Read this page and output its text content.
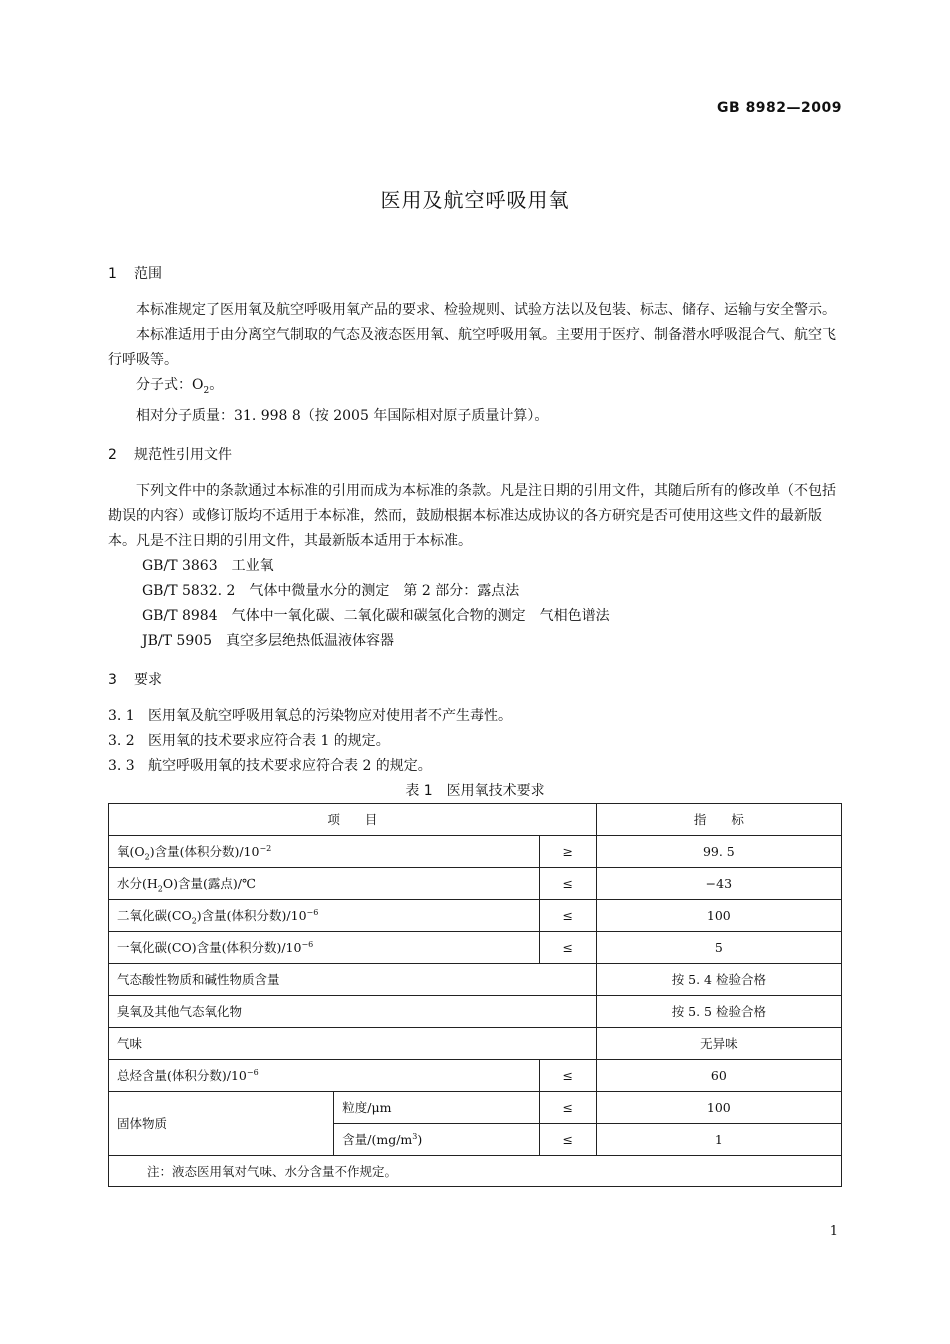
GB 8982—2009
医用及航空呼吸用氧
1 范围

本标准规定了医用氧及航空呼吸用氧产品的要求、检验规则、试验方法以及包装、标志、储存、运输与安全警示。

本标准适用于由分离空气制取的气态及液态医用氧、航空呼吸用氧。主要用于医疗、制备潜水呼吸混合气、航空飞行呼吸等。

分子式：$O_2$。

相对分子质量：31. 998 8（按 2005 年国际相对原子质量计算）。

2 规范性引用文件

下列文件中的条款通过本标准的引用而成为本标准的条款。凡是注日期的引用文件，其随后所有的修改单（不包括勘误的内容）或修订版均不适用于本标准，然而，鼓励根据本标准达成协议的各方研究是否可使用这些文件的最新版本。凡是不注日期的引用文件，其最新版本适用于本标准。

GB/T 3863　工业氧
GB/T 5832. 2　气体中微量水分的测定　第 2 部分：露点法
GB/T 8984　气体中一氧化碳、二氧化碳和碳氢化合物的测定　气相色谱法
JB/T 5905　真空多层绝热低温液体容器
3 要求
3. 1 医用氧及航空呼吸用氧总的污染物应对使用者不产生毒性。
3. 2 医用氧的技术要求应符合表 1 的规定。
3. 3 航空呼吸用氧的技术要求应符合表 2 的规定。
表 1　医用氧技术要求
项　　目			指　　标
氧$(O_2)$含量(体积分数)$/10^{-2}$		≥	99. 5
水分$(H_2O)$含量(露点)/℃		≤	−43
二氧化碳$(CO_2)$含量(体积分数)$/10^{-6}$		≤	100
一氧化碳(CO)含量(体积分数)$/10^{-6}$		≤	5
气态酸性物质和碱性物质含量			按 5. 4 检验合格
臭氧及其他气态氧化物			按 5. 5 检验合格
气味			无异味
总烃含量(体积分数)$/10^{-6}$		≤	60
固体物质	粒度/μm	≤	100
	含量$/(mg/m^3)$	≤	1
注：液态医用氧对气味、水分含量不作规定。			
1
